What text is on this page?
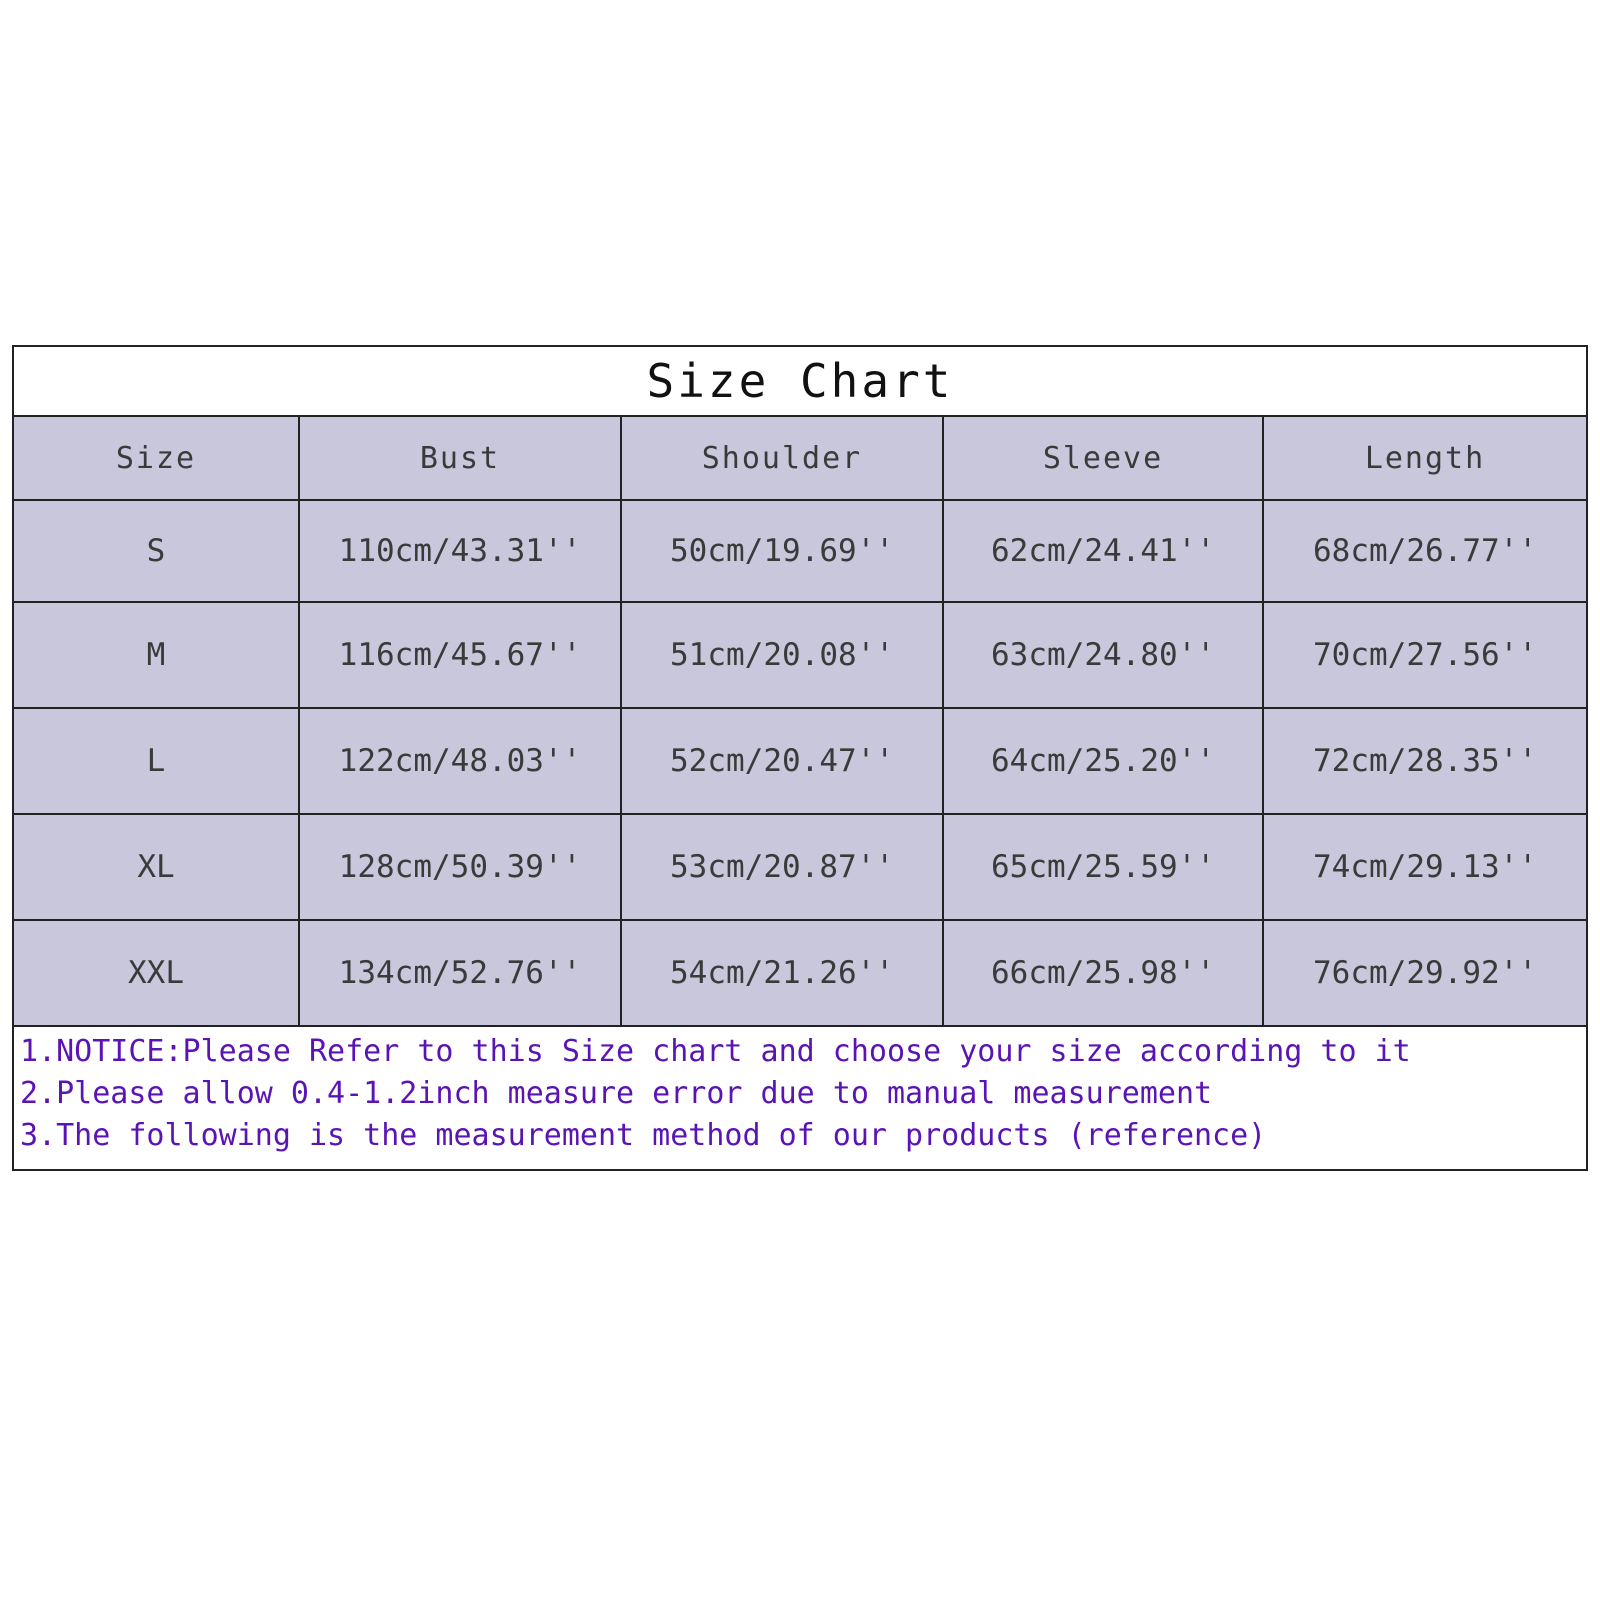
Size Chart
Size	Bust	Shoulder	Sleeve	Length
S	110cm/43.31''	50cm/19.69''	62cm/24.41''	68cm/26.77''
M	116cm/45.67''	51cm/20.08''	63cm/24.80''	70cm/27.56''
L	122cm/48.03''	52cm/20.47''	64cm/25.20''	72cm/28.35''
XL	128cm/50.39''	53cm/20.87''	65cm/25.59''	74cm/29.13''
XXL	134cm/52.76''	54cm/21.26''	66cm/25.98''	76cm/29.92''
1.NOTICE:Please Refer to this Size chart and choose your size according to it
2.Please allow 0.4-1.2inch measure error due to manual measurement
3.The following is the measurement method of our products (reference)
